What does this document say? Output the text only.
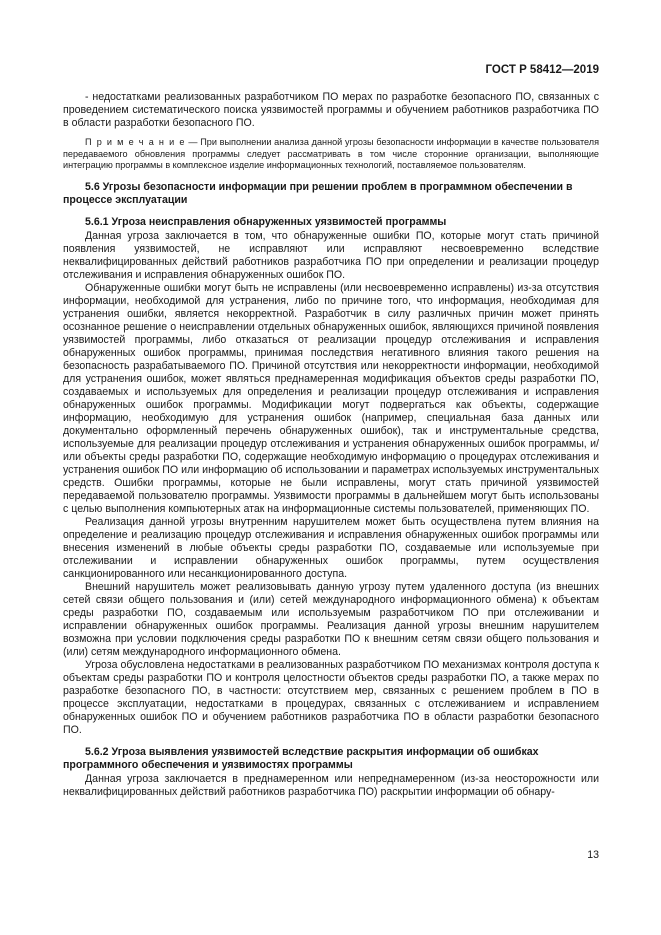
ГОСТ Р 58412—2019

- недостатками реализованных разработчиком ПО мерах по разработке безопасного ПО, связанных с проведением систематического поиска уязвимостей программы и обучением работников разработчика ПО в области разработки безопасного ПО.

П р и м е ч а н и е — При выполнении анализа данной угрозы безопасности информации в качестве пользователя передаваемого обновления программы следует рассматривать в том числе сторонние организации, выполняющие интеграцию программы в комплексное изделие информационных технологий, поставляемое пользователям.

5.6 Угрозы безопасности информации при решении проблем в программном обеспечении в процессе эксплуатации
5.6.1 Угроза неисправления обнаруженных уязвимостей программы

Данная угроза заключается в том, что обнаруженные ошибки ПО, которые могут стать причиной появления уязвимостей, не исправляют или исправляют несвоевременно вследствие неквалифицированных действий работников разработчика ПО при определении и реализации процедур отслеживания и исправления обнаруженных ошибок ПО.

Обнаруженные ошибки могут быть не исправлены (или несвоевременно исправлены) из-за отсутствия информации, необходимой для устранения, либо по причине того, что информация, необходимая для устранения ошибки, является некорректной. Разработчик в силу различных причин может принять осознанное решение о неисправлении отдельных обнаруженных ошибок, являющихся причиной появления уязвимостей программы, либо отказаться от реализации процедур отслеживания и исправления обнаруженных ошибок программы, принимая последствия негативного влияния такого решения на безопасность разрабатываемого ПО. Причиной отсутствия или некорректности информации, необходимой для устранения ошибок, может являться преднамеренная модификация объектов среды разработки ПО, создаваемых и используемых для определения и реализации процедур отслеживания и исправления обнаруженных ошибок программы. Модификации могут подвергаться как объекты, содержащие информацию, необходимую для устранения ошибок (например, специальная база данных или документально оформленный перечень обнаруженных ошибок), так и инструментальные средства, используемые для реализации процедур отслеживания и устранения обнаруженных ошибок программы, и/или объекты среды разработки ПО, содержащие необходимую информацию о процедурах отслеживания и устранения ошибок ПО или информацию об использовании и параметрах используемых инструментальных средств. Ошибки программы, которые не были исправлены, могут стать причиной уязвимостей передаваемой пользователю программы. Уязвимости программы в дальнейшем могут быть использованы с целью выполнения компьютерных атак на информационные системы пользователей, применяющих ПО.

Реализация данной угрозы внутренним нарушителем может быть осуществлена путем влияния на определение и реализацию процедур отслеживания и исправления обнаруженных ошибок программы или внесения изменений в любые объекты среды разработки ПО, создаваемые или используемые при отслеживании и исправлении обнаруженных ошибок программы, путем осуществления санкционированного или несанкционированного доступа.

Внешний нарушитель может реализовывать данную угрозу путем удаленного доступа (из внешних сетей связи общего пользования и (или) сетей международного информационного обмена) к объектам среды разработки ПО, создаваемым или используемым разработчиком ПО при отслеживании и исправлении обнаруженных ошибок программы. Реализация данной угрозы внешним нарушителем возможна при условии подключения среды разработки ПО к внешним сетям связи общего пользования и (или) сетям международного информационного обмена.

Угроза обусловлена недостатками в реализованных разработчиком ПО механизмах контроля доступа к объектам среды разработки ПО и контроля целостности объектов среды разработки ПО, а также мерах по разработке безопасного ПО, в частности: отсутствием мер, связанных с решением проблем в ПО в процессе эксплуатации, недостатками в процедурах, связанных с отслеживанием и исправлением обнаруженных ошибок ПО и обучением работников разработчика ПО в области разработки безопасного ПО.

5.6.2 Угроза выявления уязвимостей вследствие раскрытия информации об ошибках программного обеспечения и уязвимостях программы

Данная угроза заключается в преднамеренном или непреднамеренном (из-за неосторожности или неквалифицированных действий работников разработчика ПО) раскрытии информации об обнару-

13
